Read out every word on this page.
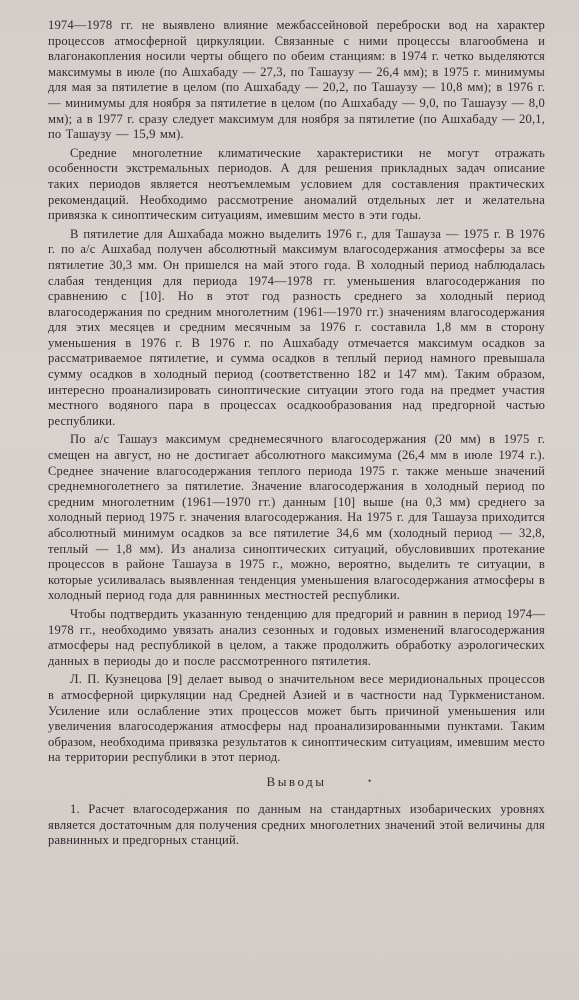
1974—1978 гг. не выявлено влияние межбассейновой переброски вод на характер процессов атмосферной циркуляции. Связанные с ними процессы влагообмена и влагонакопления носили черты общего по обеим станциям: в 1974 г. четко выделяются максимумы в июле (по Ашхабаду — 27,3, по Ташаузу — 26,4 мм); в 1975 г. минимумы для мая за пятилетие в целом (по Ашхабаду — 20,2, по Ташаузу — 10,8 мм); в 1976 г. — минимумы для ноября за пятилетие в целом (по Ашхабаду — 9,0, по Ташаузу — 8,0 мм); а в 1977 г. сразу следует максимум для ноября за пятилетие (по Ашхабаду — 20,1, по Ташаузу — 15,9 мм).

Средние многолетние климатические характеристики не могут отражать особенности экстремальных периодов. А для решения прикладных задач описание таких периодов является неотъемлемым условием для составления практических рекомендаций. Необходимо рассмотрение аномалий отдельных лет и желательна привязка к синоптическим ситуациям, имевшим место в эти годы.

В пятилетие для Ашхабада можно выделить 1976 г., для Ташауза — 1975 г. В 1976 г. по а/с Ашхабад получен абсолютный максимум влагосодержания атмосферы за все пятилетие 30,3 мм. Он пришелся на май этого года. В холодный период наблюдалась слабая тенденция для периода 1974—1978 гг. уменьшения влагосодержания по сравнению с [10]. Но в этот год разность среднего за холодный период влагосодержания по средним многолетним (1961—1970 гг.) значениям влагосодержания для этих месяцев и средним месячным за 1976 г. составила 1,8 мм в сторону уменьшения в 1976 г. В 1976 г. по Ашхабаду отмечается максимум осадков за рассматриваемое пятилетие, и сумма осадков в теплый период намного превышала сумму осадков в холодный период (соответственно 182 и 147 мм). Таким образом, интересно проанализировать синоптические ситуации этого года на предмет участия местного водяного пара в процессах осадкообразования над предгорной частью республики.

По а/с Ташауз максимум среднемесячного влагосодержания (20 мм) в 1975 г. смещен на август, но не достигает абсолютного максимума (26,4 мм в июле 1974 г.). Среднее значение влагосодержания теплого периода 1975 г. также меньше значений среднемноголетнего за пятилетие. Значение влагосодержания в холодный период по средним многолетним (1961—1970 гг.) данным [10] выше (на 0,3 мм) среднего за холодный период 1975 г. значения влагосодержания. На 1975 г. для Ташауза приходится абсолютный минимум осадков за все пятилетие 34,6 мм (холодный период — 32,8, теплый — 1,8 мм). Из анализа синоптических ситуаций, обусловивших протекание процессов в районе Ташауза в 1975 г., можно, вероятно, выделить те ситуации, в которые усиливалась выявленная тенденция уменьшения влагосодержания атмосферы в холодный период года для равнинных местностей республики.

Чтобы подтвердить указанную тенденцию для предгорий и равнин в период 1974—1978 гг., необходимо увязать анализ сезонных и годовых изменений влагосодержания атмосферы над республикой в целом, а также продолжить обработку аэрологических данных в периоды до и после рассмотренного пятилетия.

Л. П. Кузнецова [9] делает вывод о значительном весе меридиональных процессов в атмосферной циркуляции над Средней Азией и в частности над Туркменистаном. Усиление или ослабление этих процессов может быть причиной уменьшения или увеличения влагосодержания атмосферы над проанализированными пунктами. Таким образом, необходима привязка результатов к синоптическим ситуациям, имевшим место на территории республики в этот период.

Выводы	•

1. Расчет влагосодержания по данным на стандартных изобарических уровнях является достаточным для получения средних многолетних значений этой величины для равнинных и предгорных станций.
